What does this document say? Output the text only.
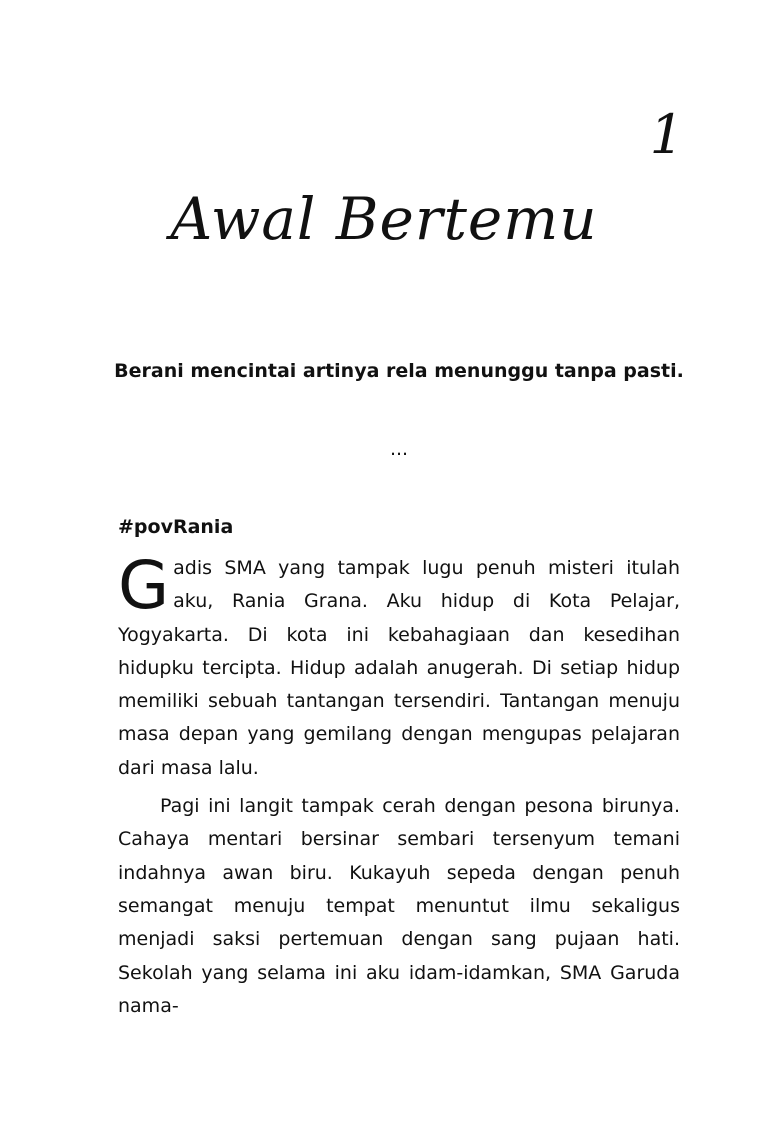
1
Awal Bertemu
Berani mencintai artinya rela menunggu tanpa pasti.
...
#povRania

Gadis SMA yang tampak lugu penuh misteri itulah aku, Rania Grana. Aku hidup di Kota Pelajar, Yogyakarta. Di kota ini kebahagiaan dan kesedihan hidupku tercipta. Hidup adalah anugerah. Di setiap hidup memiliki sebuah tantangan tersendiri. Tantangan menuju masa depan yang gemilang dengan mengupas pelajaran dari masa lalu.

Pagi ini langit tampak cerah dengan pesona birunya. Cahaya mentari bersinar sembari tersenyum temani indahnya awan biru. Kukayuh sepeda dengan penuh semangat menuju tempat menuntut ilmu sekaligus menjadi saksi pertemuan dengan sang pujaan hati. Sekolah yang selama ini aku idam-idamkan, SMA Garuda nama-
